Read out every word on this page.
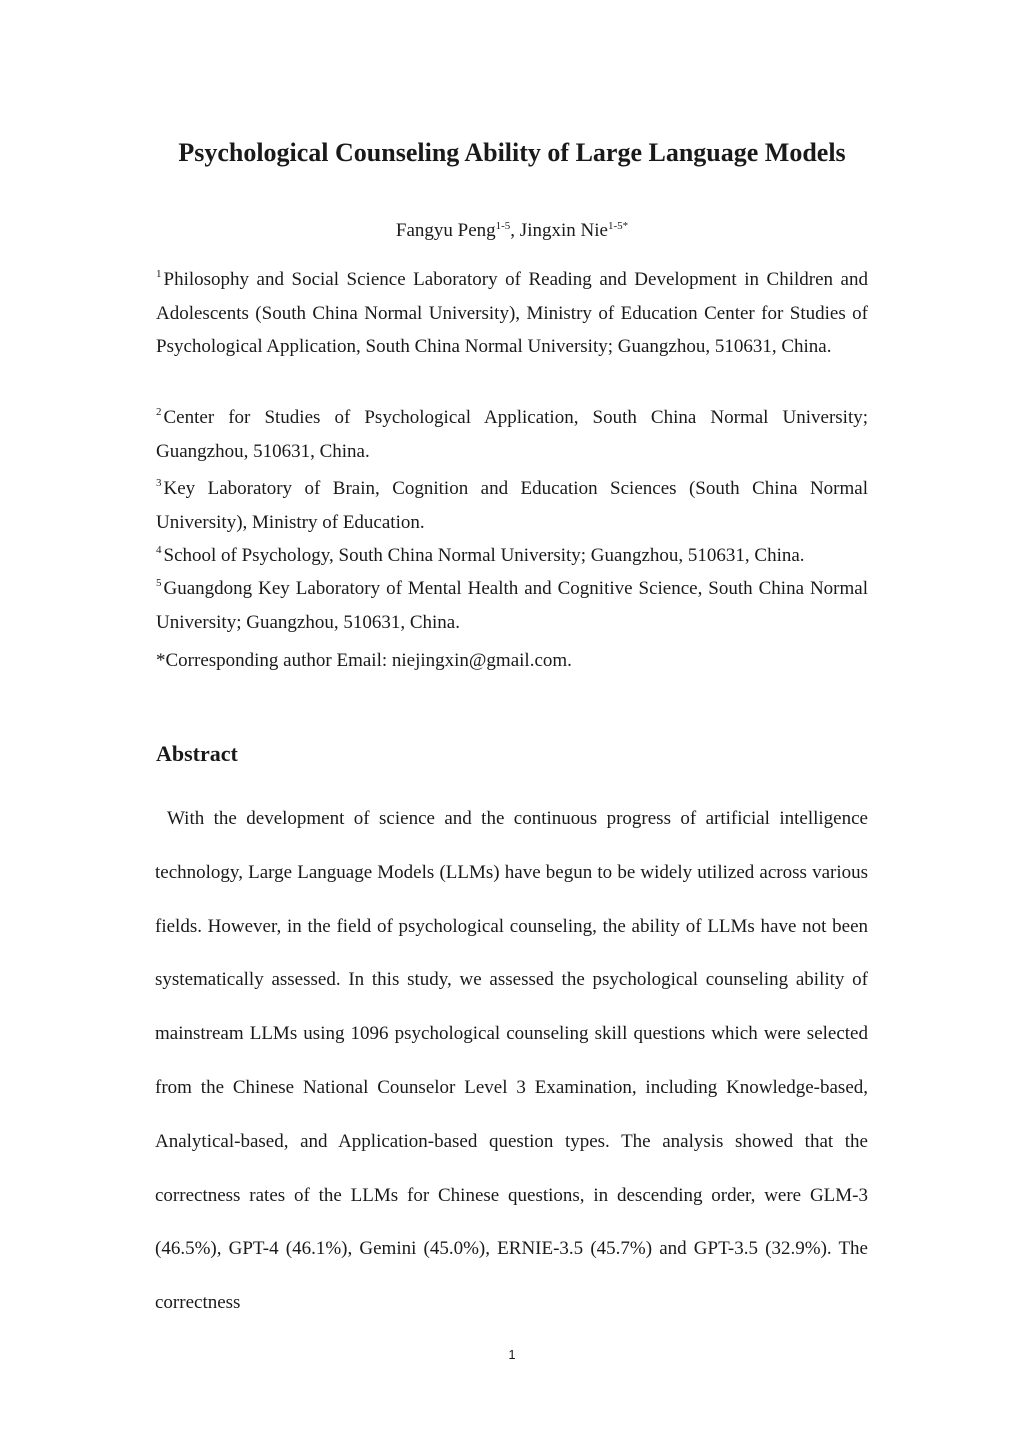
Psychological Counseling Ability of Large Language Models
Fangyu Peng$^{1-5}$, Jingxin Nie$^{1-5*}$
$^1$ Philosophy and Social Science Laboratory of Reading and Development in Children and Adolescents (South China Normal University), Ministry of Education Center for Studies of Psychological Application, South China Normal University; Guangzhou, 510631, China.
$^2$ Center for Studies of Psychological Application, South China Normal University; Guangzhou, 510631, China.
$^3$ Key Laboratory of Brain, Cognition and Education Sciences (South China Normal University), Ministry of Education.
$^4$ School of Psychology, South China Normal University; Guangzhou, 510631, China.
$^5$ Guangdong Key Laboratory of Mental Health and Cognitive Science, South China Normal University; Guangzhou, 510631, China.
*Corresponding author Email: niejingxin@gmail.com.
Abstract

With the development of science and the continuous progress of artificial intelligence technology, Large Language Models (LLMs) have begun to be widely utilized across various fields. However, in the field of psychological counseling, the ability of LLMs have not been systematically assessed. In this study, we assessed the psychological counseling ability of mainstream LLMs using 1096 psychological counseling skill questions which were selected from the Chinese National Counselor Level 3 Examination, including Knowledge-based, Analytical-based, and Application-based question types. The analysis showed that the correctness rates of the LLMs for Chinese questions, in descending order, were GLM-3 (46.5%), GPT-4 (46.1%), Gemini (45.0%), ERNIE-3.5 (45.7%) and GPT-3.5 (32.9%). The correctness

1
